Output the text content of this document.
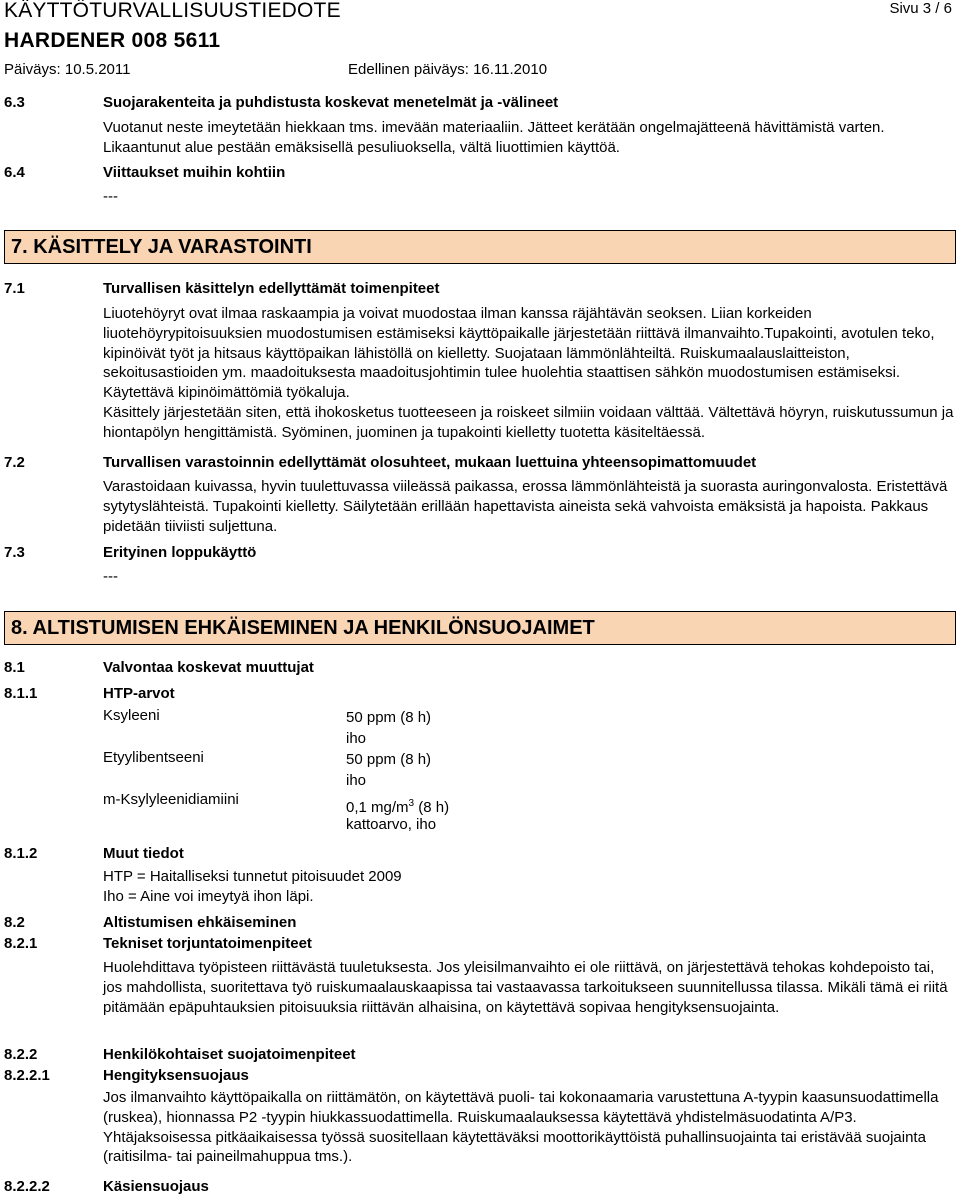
KÄYTTÖTURVALLISUUSTIEDOTE	Sivu 3 / 6
HARDENER 008 5611
Päiväys: 10.5.2011	Edellinen päiväys: 16.11.2010
6.3	Suojarakenteita ja puhdistusta koskevat menetelmät ja -välineet
Vuotanut neste imeytetään hiekkaan tms. imevään materiaaliin. Jätteet kerätään ongelmajätteenä hävittämistä varten. Likaantunut alue pestään emäksisellä pesuliuoksella, vältä liuottimien käyttöä.
6.4	Viittaukset muihin kohtiin
---
7. KÄSITTELY JA VARASTOINTI
7.1	Turvallisen käsittelyn edellyttämät toimenpiteet
Liuotehöyryt ovat ilmaa raskaampia ja voivat muodostaa ilman kanssa räjähtävän seoksen. Liian korkeiden liuotehöyrypitoisuuksien muodostumisen estämiseksi käyttöpaikalle järjestetään riittävä ilmanvaihto.Tupakointi, avotulen teko, kipinöivät työt ja hitsaus käyttöpaikan lähistöllä on kielletty. Suojataan lämmönlähteiltä. Ruiskumaalauslaitteiston, sekoitusastioiden ym. maadoituksesta maadoitusjohtimin tulee huolehtia staattisen sähkön muodostumisen estämiseksi. Käytettävä kipinöimättömiä työkaluja.
Käsittely järjestetään siten, että ihokosketus tuotteeseen ja roiskeet silmiin voidaan välttää. Vältettävä höyryn, ruiskutussumun ja hiontapölyn hengittämistä. Syöminen, juominen ja tupakointi kielletty tuotetta käsiteltäessä.
7.2	Turvallisen varastoinnin edellyttämät olosuhteet, mukaan luettuina yhteensopimattomuudet
Varastoidaan kuivassa, hyvin tuulettuvassa viileässä paikassa, erossa lämmönlähteistä ja suorasta auringonvalosta. Eristettävä sytytyslähteistä. Tupakointi kielletty. Säilytetään erillään hapettavista aineista sekä vahvoista emäksistä ja hapoista. Pakkaus pidetään tiiviisti suljettuna.
7.3	Erityinen loppukäyttö
---
8. ALTISTUMISEN EHKÄISEMINEN JA HENKILÖNSUOJAIMET
8.1	Valvontaa koskevat muuttujat
8.1.1	HTP-arvot
Ksyleeni	50 ppm (8 h)
iho
Etyylibentseeni	50 ppm (8 h)
iho
m-Ksylyleenidiamiini	0,1 $mg/m^3$ (8 h)
kattoarvo, iho
8.1.2	Muut tiedot
HTP = Haitalliseksi tunnetut pitoisuudet 2009
Iho = Aine voi imeytyä ihon läpi.
8.2	Altistumisen ehkäiseminen
8.2.1	Tekniset torjuntatoimenpiteet
Huolehdittava työpisteen riittävästä tuuletuksesta. Jos yleisilmanvaihto ei ole riittävä, on järjestettävä tehokas kohdepoisto tai, jos mahdollista, suoritettava työ ruiskumaalauskaapissa tai vastaavassa tarkoitukseen suunnitellussa tilassa. Mikäli tämä ei riitä pitämään epäpuhtauksien pitoisuuksia riittävän alhaisina, on käytettävä sopivaa hengityksensuojainta.
8.2.2	Henkilökohtaiset suojatoimenpiteet
8.2.2.1	Hengityksensuojaus
Jos ilmanvaihto käyttöpaikalla on riittämätön, on käytettävä puoli- tai kokonaamaria varustettuna A-tyypin kaasunsuodattimella (ruskea), hionnassa P2 -tyypin hiukkassuodattimella. Ruiskumaalauksessa käytettävä yhdistelmäsuodatinta A/P3. Yhtäjaksoisessa pitkäaikaisessa työssä suositellaan käytettäväksi moottorikäyttöistä puhallinsuojainta tai eristävää suojainta (raitisilma- tai paineilmahuppua tms.).
8.2.2.2	Käsiensuojaus
